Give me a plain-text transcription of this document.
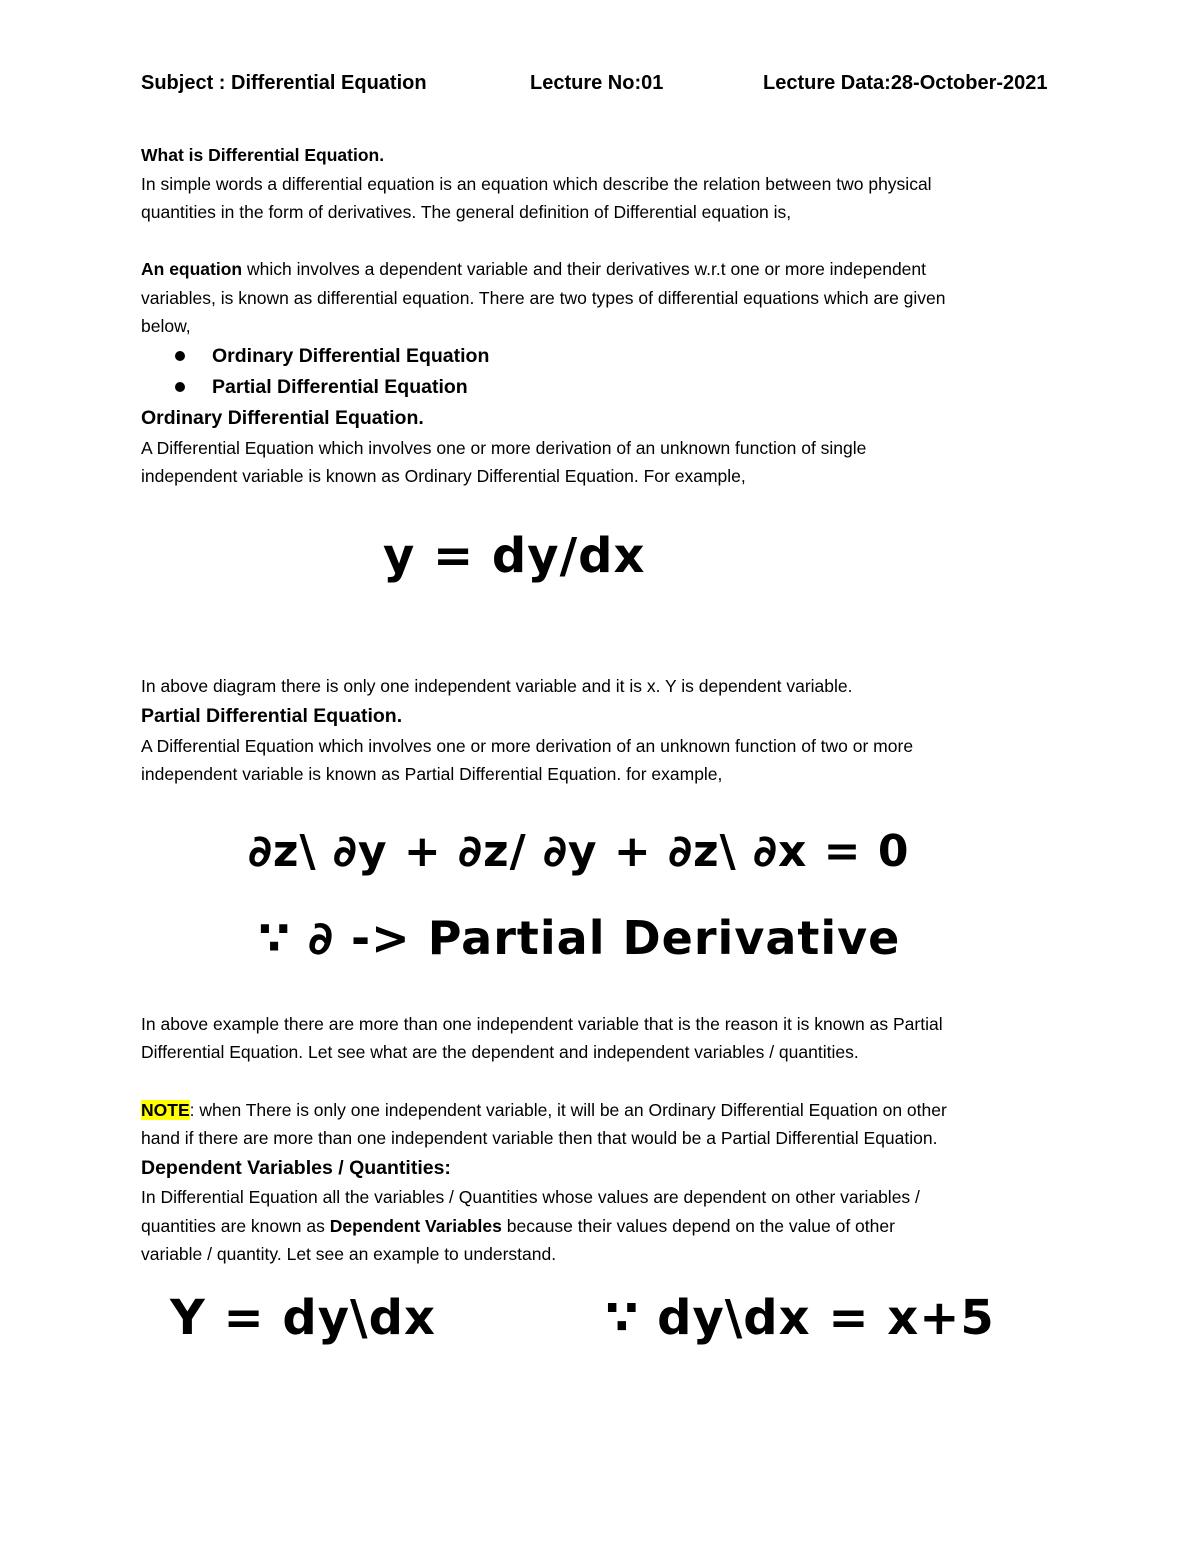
Subject : Differential Equation	Lecture No:01	Lecture Data:28-October-2021
What is Differential Equation.
In simple words a differential equation is an equation which describe the relation between two physical
quantities in the form of derivatives. The general definition of Differential equation is,
An equation which involves a dependent variable and their derivatives w.r.t one or more independent
variables, is known as differential equation. There are two types of differential equations which are given
below,
Ordinary Differential Equation
Partial Differential Equation
Ordinary Differential Equation.
A Differential Equation which involves one or more derivation of an unknown function of single
independent variable is known as Ordinary Differential Equation. For example,
y = dy/dx
In above diagram there is only one independent variable and it is x. Y is dependent variable.
Partial Differential Equation.
A Differential Equation which involves one or more derivation of an unknown function of two or more
independent variable is known as Partial Differential Equation. for example,
∂z\ ∂y + ∂z/ ∂y + ∂z\ ∂x = 0
∵ ∂ -> Partial Derivative
In above example there are more than one independent variable that is the reason it is known as Partial
Differential Equation. Let see what are the dependent and independent variables / quantities.
NOTE: when There is only one independent variable, it will be an Ordinary Differential Equation on other
hand if there are more than one independent variable then that would be a Partial Differential Equation.
Dependent Variables / Quantities:
In Differential Equation all the variables / Quantities whose values are dependent on other variables /
quantities are known as Dependent Variables because their values depend on the value of other
variable / quantity. Let see an example to understand.
Y = dy\dx	∵ dy\dx = x+5
